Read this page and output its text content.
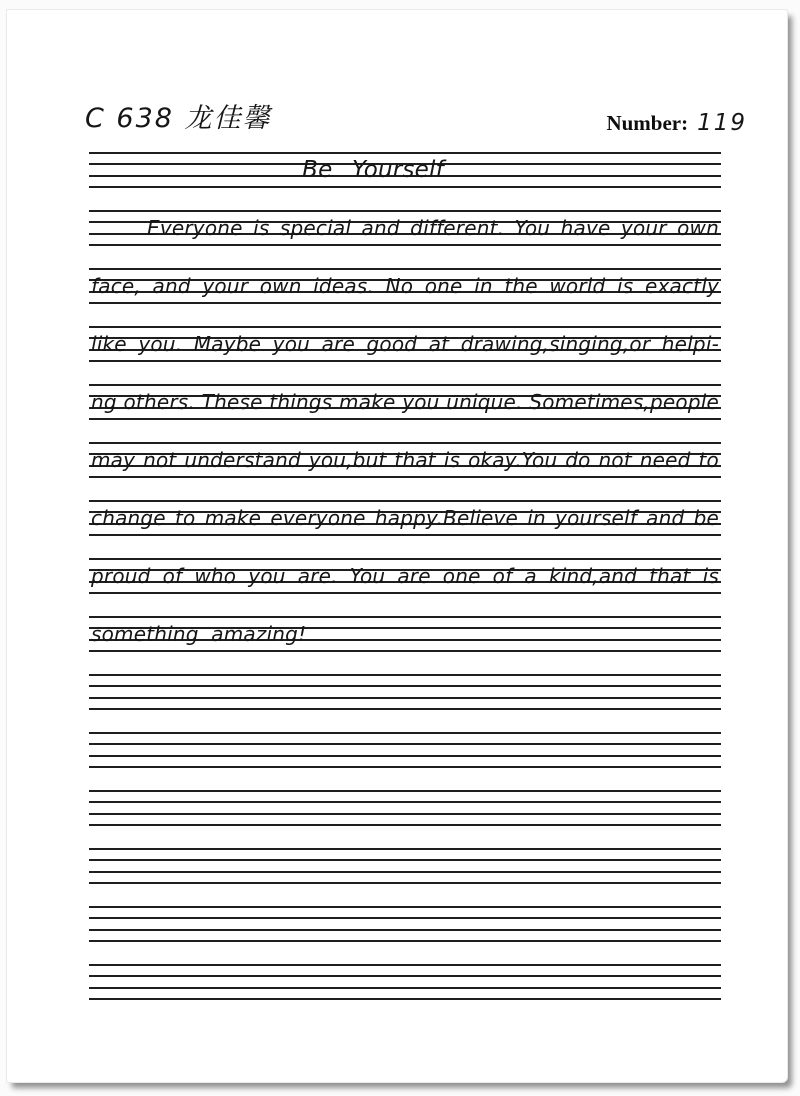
C 638 龙佳馨	Number: 119
Be Yourself
Everyone is special and different. You have your own
face, and your own ideas. No one in the world is exactly
like you. Maybe you are good at drawing,singing,or helpi-
ng others. These things make you unique. Sometimes,people
may not understand you,but that is okay.You do not need to
change to make everyone happy.Believe in yourself and be
proud of who you are. You are one of a kind,and that is
something amazing!
